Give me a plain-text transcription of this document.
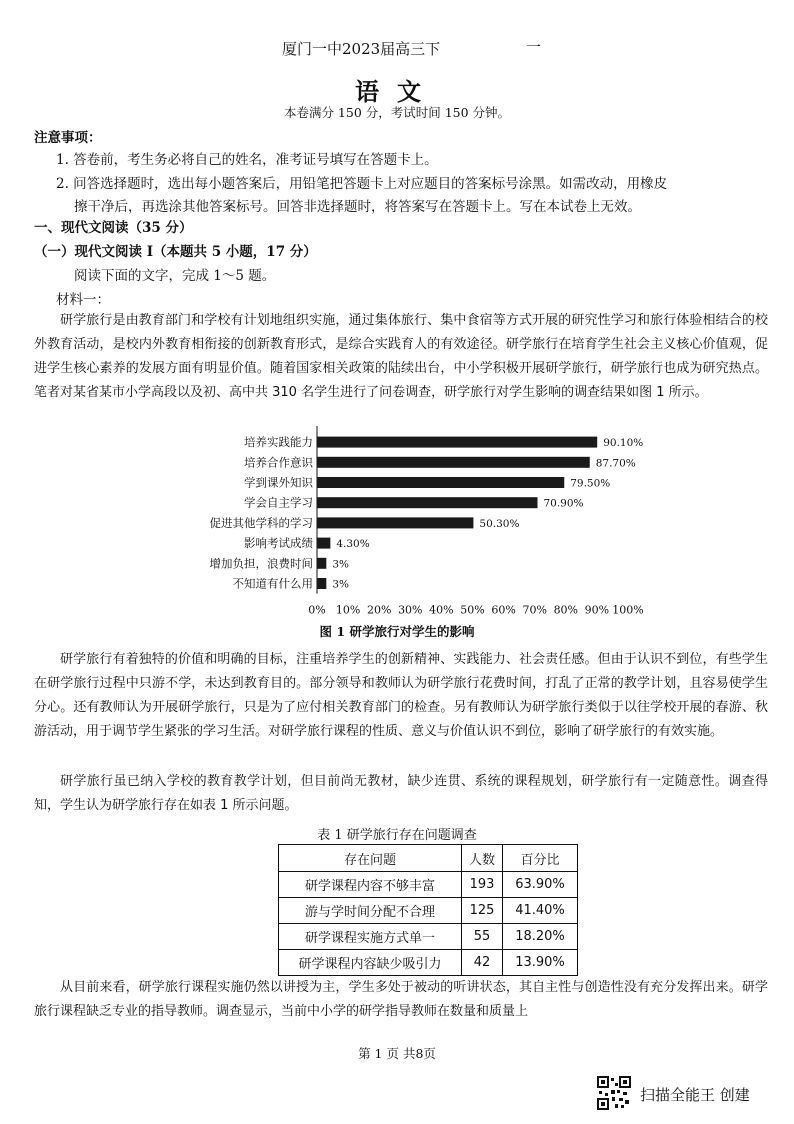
厦门一中2023届高三下	一
语文
本卷满分 150 分，考试时间 150 分钟。
注意事项：
1. 答卷前，考生务必将自己的姓名，准考证号填写在答题卡上。
2. 问答选择题时，选出每小题答案后，用铅笔把答题卡上对应题目的答案标号涂黑。如需改动，用橡皮
擦干净后，再选涂其他答案标号。回答非选择题时，将答案写在答题卡上。写在本试卷上无效。
一、现代文阅读（35 分）
（一）现代文阅读 I（本题共 5 小题，17 分）
阅读下面的文字，完成 1～5 题。
材料一：
研学旅行是由教育部门和学校有计划地组织实施，通过集体旅行、集中食宿等方式开展的研究性学习和旅行体验相结合的校外教育活动，是校内外教育相衔接的创新教育形式，是综合实践育人的有效途径。研学旅行在培育学生社会主义核心价值观，促进学生核心素养的发展方面有明显价值。随着国家相关政策的陆续出台，中小学积极开展研学旅行，研学旅行也成为研究热点。笔者对某省某市小学高段以及初、高中共 310 名学生进行了问卷调查，研学旅行对学生影响的调查结果如图 1 所示。
培养实践能力	90.10%
培养合作意识	87.70%
学到课外知识	79.50%
学会自主学习	70.90%
促进其他学科的学习	50.30%
影响考试成绩 4.30%
增加负担，浪费时间 3%
不知道有什么用 3%
0% 10% 20% 30% 40% 50% 60% 70% 80% 90% 100%
图 1 研学旅行对学生的影响
研学旅行有着独特的价值和明确的目标，注重培养学生的创新精神、实践能力、社会责任感。但由于认识不到位，有些学生在研学旅行过程中只游不学，未达到教育目的。部分领导和教师认为研学旅行花费时间，打乱了正常的教学计划，且容易使学生分心。还有教师认为开展研学旅行，只是为了应付相关教育部门的检查。另有教师认为研学旅行类似于以往学校开展的春游、秋游活动，用于调节学生紧张的学习生活。对研学旅行课程的性质、意义与价值认识不到位，影响了研学旅行的有效实施。
研学旅行虽已纳入学校的教育教学计划，但目前尚无教材，缺少连贯、系统的课程规划，研学旅行有一定随意性。调查得知，学生认为研学旅行存在如表 1 所示问题。
表 1 研学旅行存在问题调查
存在问题	人数	百分比
研学课程内容不够丰富	193	63.90%
游与学时间分配不合理	125	41.40%
研学课程实施方式单一	55	18.20%
研学课程内容缺少吸引力	42	13.90%
从目前来看，研学旅行课程实施仍然以讲授为主，学生多处于被动的听讲状态，其自主性与创造性没有充分发挥出来。研学旅行课程缺乏专业的指导教师。调查显示，当前中小学的研学指导教师在数量和质量上
第 1 页 共8页
扫描全能王 创建
